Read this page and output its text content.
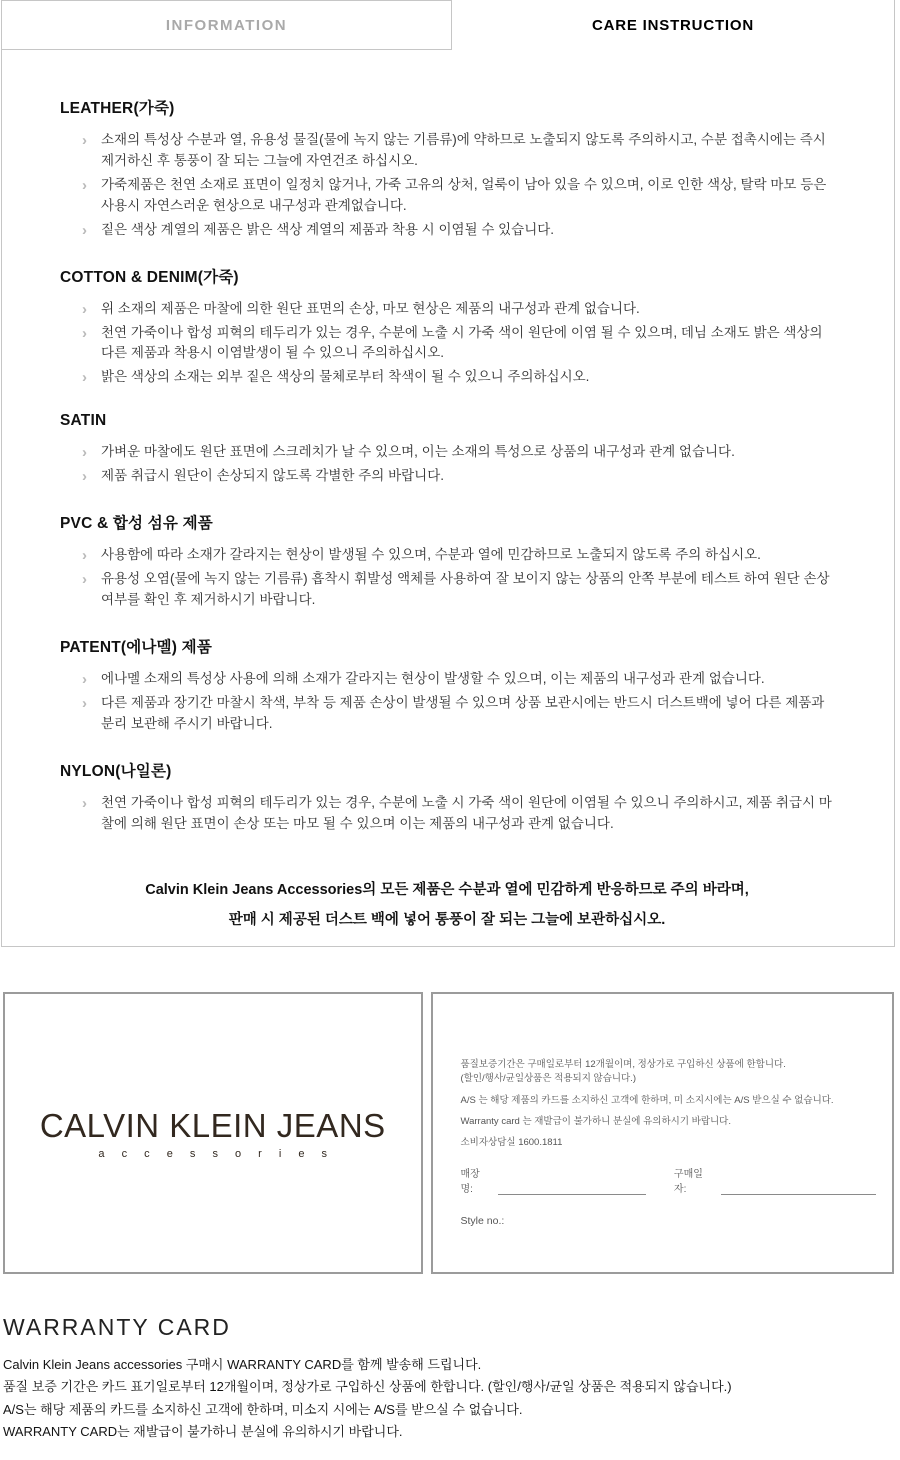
INFORMATION	CARE INSTRUCTION
LEATHER(가죽)
› 소재의 특성상 수분과 열, 유용성 물질(물에 녹지 않는 기름류)에 약하므로 노출되지 않도록 주의하시고, 수분 접촉시에는 즉시 제거하신 후 통풍이 잘 되는 그늘에 자연건조 하십시오.
› 가죽제품은 천연 소재로 표면이 일정치 않거나, 가죽 고유의 상처, 얼룩이 남아 있을 수 있으며, 이로 인한 색상, 탈락 마모 등은 사용시 자연스러운 현상으로 내구성과 관계없습니다.
› 짙은 색상 계열의 제품은 밝은 색상 계열의 제품과 착용 시 이염될 수 있습니다.
COTTON & DENIM(가죽)
› 위 소재의 제품은 마찰에 의한 원단 표면의 손상, 마모 현상은 제품의 내구성과 관계 없습니다.
› 천연 가죽이나 합성 피혁의 테두리가 있는 경우, 수분에 노출 시 가죽 색이 원단에 이염 될 수 있으며, 데님 소재도 밝은 색상의 다른 제품과 착용시 이염발생이 될 수 있으니 주의하십시오.
› 밝은 색상의 소재는 외부 짙은 색상의 물체로부터 착색이 될 수 있으니 주의하십시오.
SATIN
› 가벼운 마찰에도 원단 표면에 스크레치가 날 수 있으며, 이는 소재의 특성으로 상품의 내구성과 관계 없습니다.
› 제품 취급시 원단이 손상되지 않도록 각별한 주의 바랍니다.
PVC & 합성 섬유 제품
› 사용함에 따라 소재가 갈라지는 현상이 발생될 수 있으며, 수분과 열에 민감하므로 노출되지 않도록 주의 하십시오.
› 유용성 오염(물에 녹지 않는 기름류) 흡착시 휘발성 액체를 사용하여 잘 보이지 않는 상품의 안쪽 부분에 테스트 하여 원단 손상 여부를 확인 후 제거하시기 바랍니다.
PATENT(에나멜) 제품
› 에나멜 소재의 특성상 사용에 의해 소재가 갈라지는 현상이 발생할 수 있으며, 이는 제품의 내구성과 관계 없습니다.
› 다른 제품과 장기간 마찰시 착색, 부착 등 제품 손상이 발생될 수 있으며 상품 보관시에는 반드시 더스트백에 넣어 다른 제품과 분리 보관해 주시기 바랍니다.
NYLON(나일론)
› 천연 가죽이나 합성 피혁의 테두리가 있는 경우, 수분에 노출 시 가죽 색이 원단에 이염될 수 있으니 주의하시고, 제품 취급시 마찰에 의해 원단 표면이 손상 또는 마모 될 수 있으며 이는 제품의 내구성과 관계 없습니다.
Calvin Klein Jeans Accessories의 모든 제품은 수분과 열에 민감하게 반응하므로 주의 바라며,
판매 시 제공된 더스트 백에 넣어 통풍이 잘 되는 그늘에 보관하십시오.
CALVIN KLEIN JEANS
a c c e s s o r i e s

품질보증기간은 구매일로부터 12개월이며, 정상가로 구입하신 상품에 한합니다.

(할인/행사/균일상품은 적용되지 않습니다.)

A/S 는 해당 제품의 카드를 소지하신 고객에 한하며, 미 소지시에는 A/S 받으실 수 없습니다.

Warranty card 는 재발급이 불가하니 분실에 유의하시기 바랍니다.

소비자상담실 1600.1811

매장명:
구매일자:
Style no.:
WARRANTY CARD

Calvin Klein Jeans accessories 구매시 WARRANTY CARD를 함께 발송해 드립니다.

품질 보증 기간은 카드 표기일로부터 12개월이며, 정상가로 구입하신 상품에 한합니다. (할인/행사/균일 상품은 적용되지 않습니다.)

A/S는 해당 제품의 카드를 소지하신 고객에 한하며, 미소지 시에는 A/S를 받으실 수 없습니다.

WARRANTY CARD는 재발급이 불가하니 분실에 유의하시기 바랍니다.
